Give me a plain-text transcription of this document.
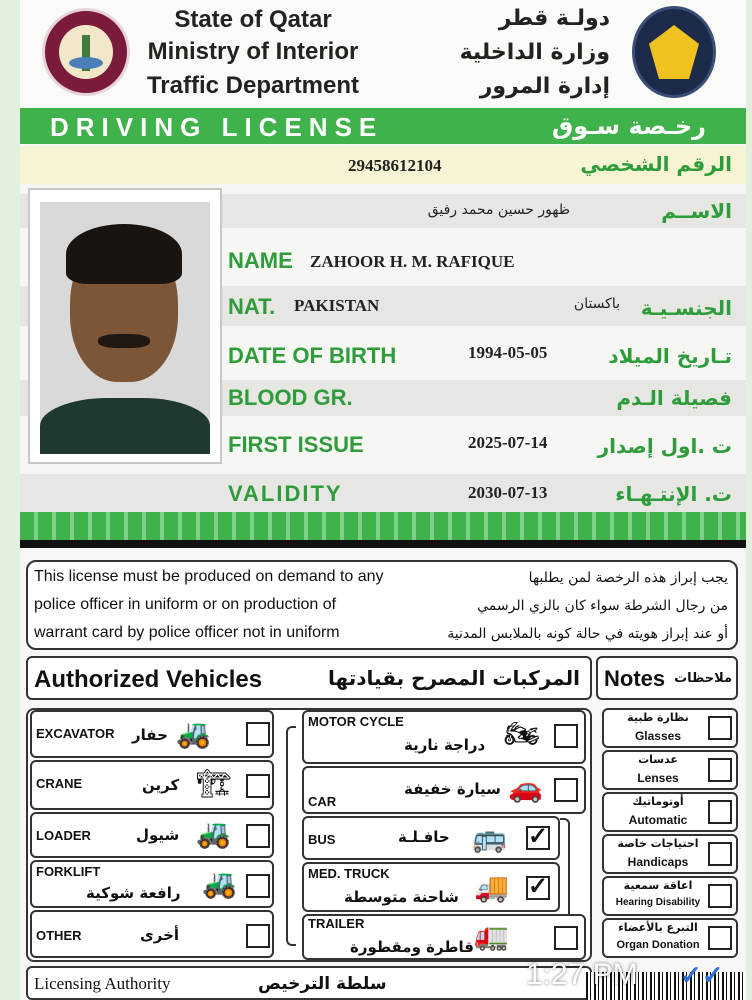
State of Qatar
Ministry of Interior
Traffic Department
دولـة قطر
وزارة الداخلية
إدارة المرور
DRIVING LICENSE	رخـصة سـوق
29458612104	الرقم الشخصي
ظهور حسين محمد رفيق	الاســم
NAME ZAHOOR H. M. RAFIQUE
NAT. PAKISTAN	باكستان الجنسـيـة
DATE OF BIRTH	1994-05-05	تـاريخ الميلاد
BLOOD GR.	فصيلة الـدم
FIRST ISSUE	2025-07-14	ت .اول إصدار
VALIDITY	2030-07-13	ت. الإنتـهـاء
This license must be produced on demand to any
police officer in uniform or on production of
warrant card by police officer not in uniform
يجب إبراز هذه الرخصة لمن يطلبها
من رجال الشرطة سواء كان بالزي الرسمي
أو عند إبراز هويته في حالة كونه بالملابس المدنية
Authorized Vehicles	المركبات المصرح بقيادتها Notes ملاحظات
EXCAVATOR حفار 🚜
CRANE	كرين 🏗
LOADER	شيول 🚜
FORKLIFT
رافعة شوكية 🚜
OTHER	أخرى
MOTOR CYCLE
دراجة نارية 🏍
CAR
سيارة خفيفة 🚗
BUS	حافـلـة 🚌 ✓
MED. TRUCK
شاحنة متوسطة 🚚 ✓
TRAILER
قاطرة ومقطورة 🚛
نظارة طبية
Glasses
عدسات
Lenses
أوتوماتيك
Automatic
احتياجات خاصة
Handicaps
اعاقة سمعية
Hearing Disability
التبرع بالأعضاء
Organ Donation
Licensing Authority	سلطة الترخيص	1:27 PM ✓✓
